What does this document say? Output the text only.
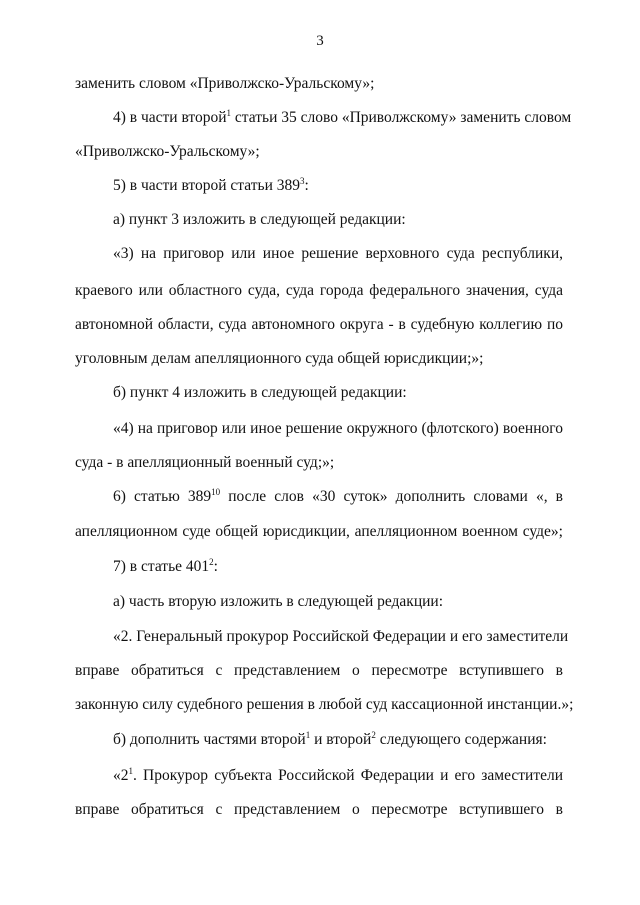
3
заменить словом «Приволжско-Уральскому»;
4) в части второй$^1$ статьи 35 слово «Приволжскому» заменить словом
«Приволжско-Уральскому»;
5) в части второй статьи $389^3$:
а) пункт 3 изложить в следующей редакции:
«3) на приговор или иное решение верховного суда республики,
краевого или областного суда, суда города федерального значения, суда
автономной области, суда автономного округа - в судебную коллегию по
уголовным делам апелляционного суда общей юрисдикции;»;
б) пункт 4 изложить в следующей редакции:
«4) на приговор или иное решение окружного (флотского) военного
суда - в апелляционный военный суд;»;
6) статью $389^{10}$ после слов «30 суток» дополнить словами «, в
апелляционном суде общей юрисдикции, апелляционном военном суде»;
7) в статье $401^2$:
а) часть вторую изложить в следующей редакции:
«2. Генеральный прокурор Российской Федерации и его заместители
вправе обратиться с представлением о пересмотре вступившего в
законную силу судебного решения в любой суд кассационной инстанции.»;
б) дополнить частями второй$^1$ и второй$^2$ следующего содержания:
«$2^1$. Прокурор субъекта Российской Федерации и его заместители
вправе обратиться с представлением о пересмотре вступившего в
